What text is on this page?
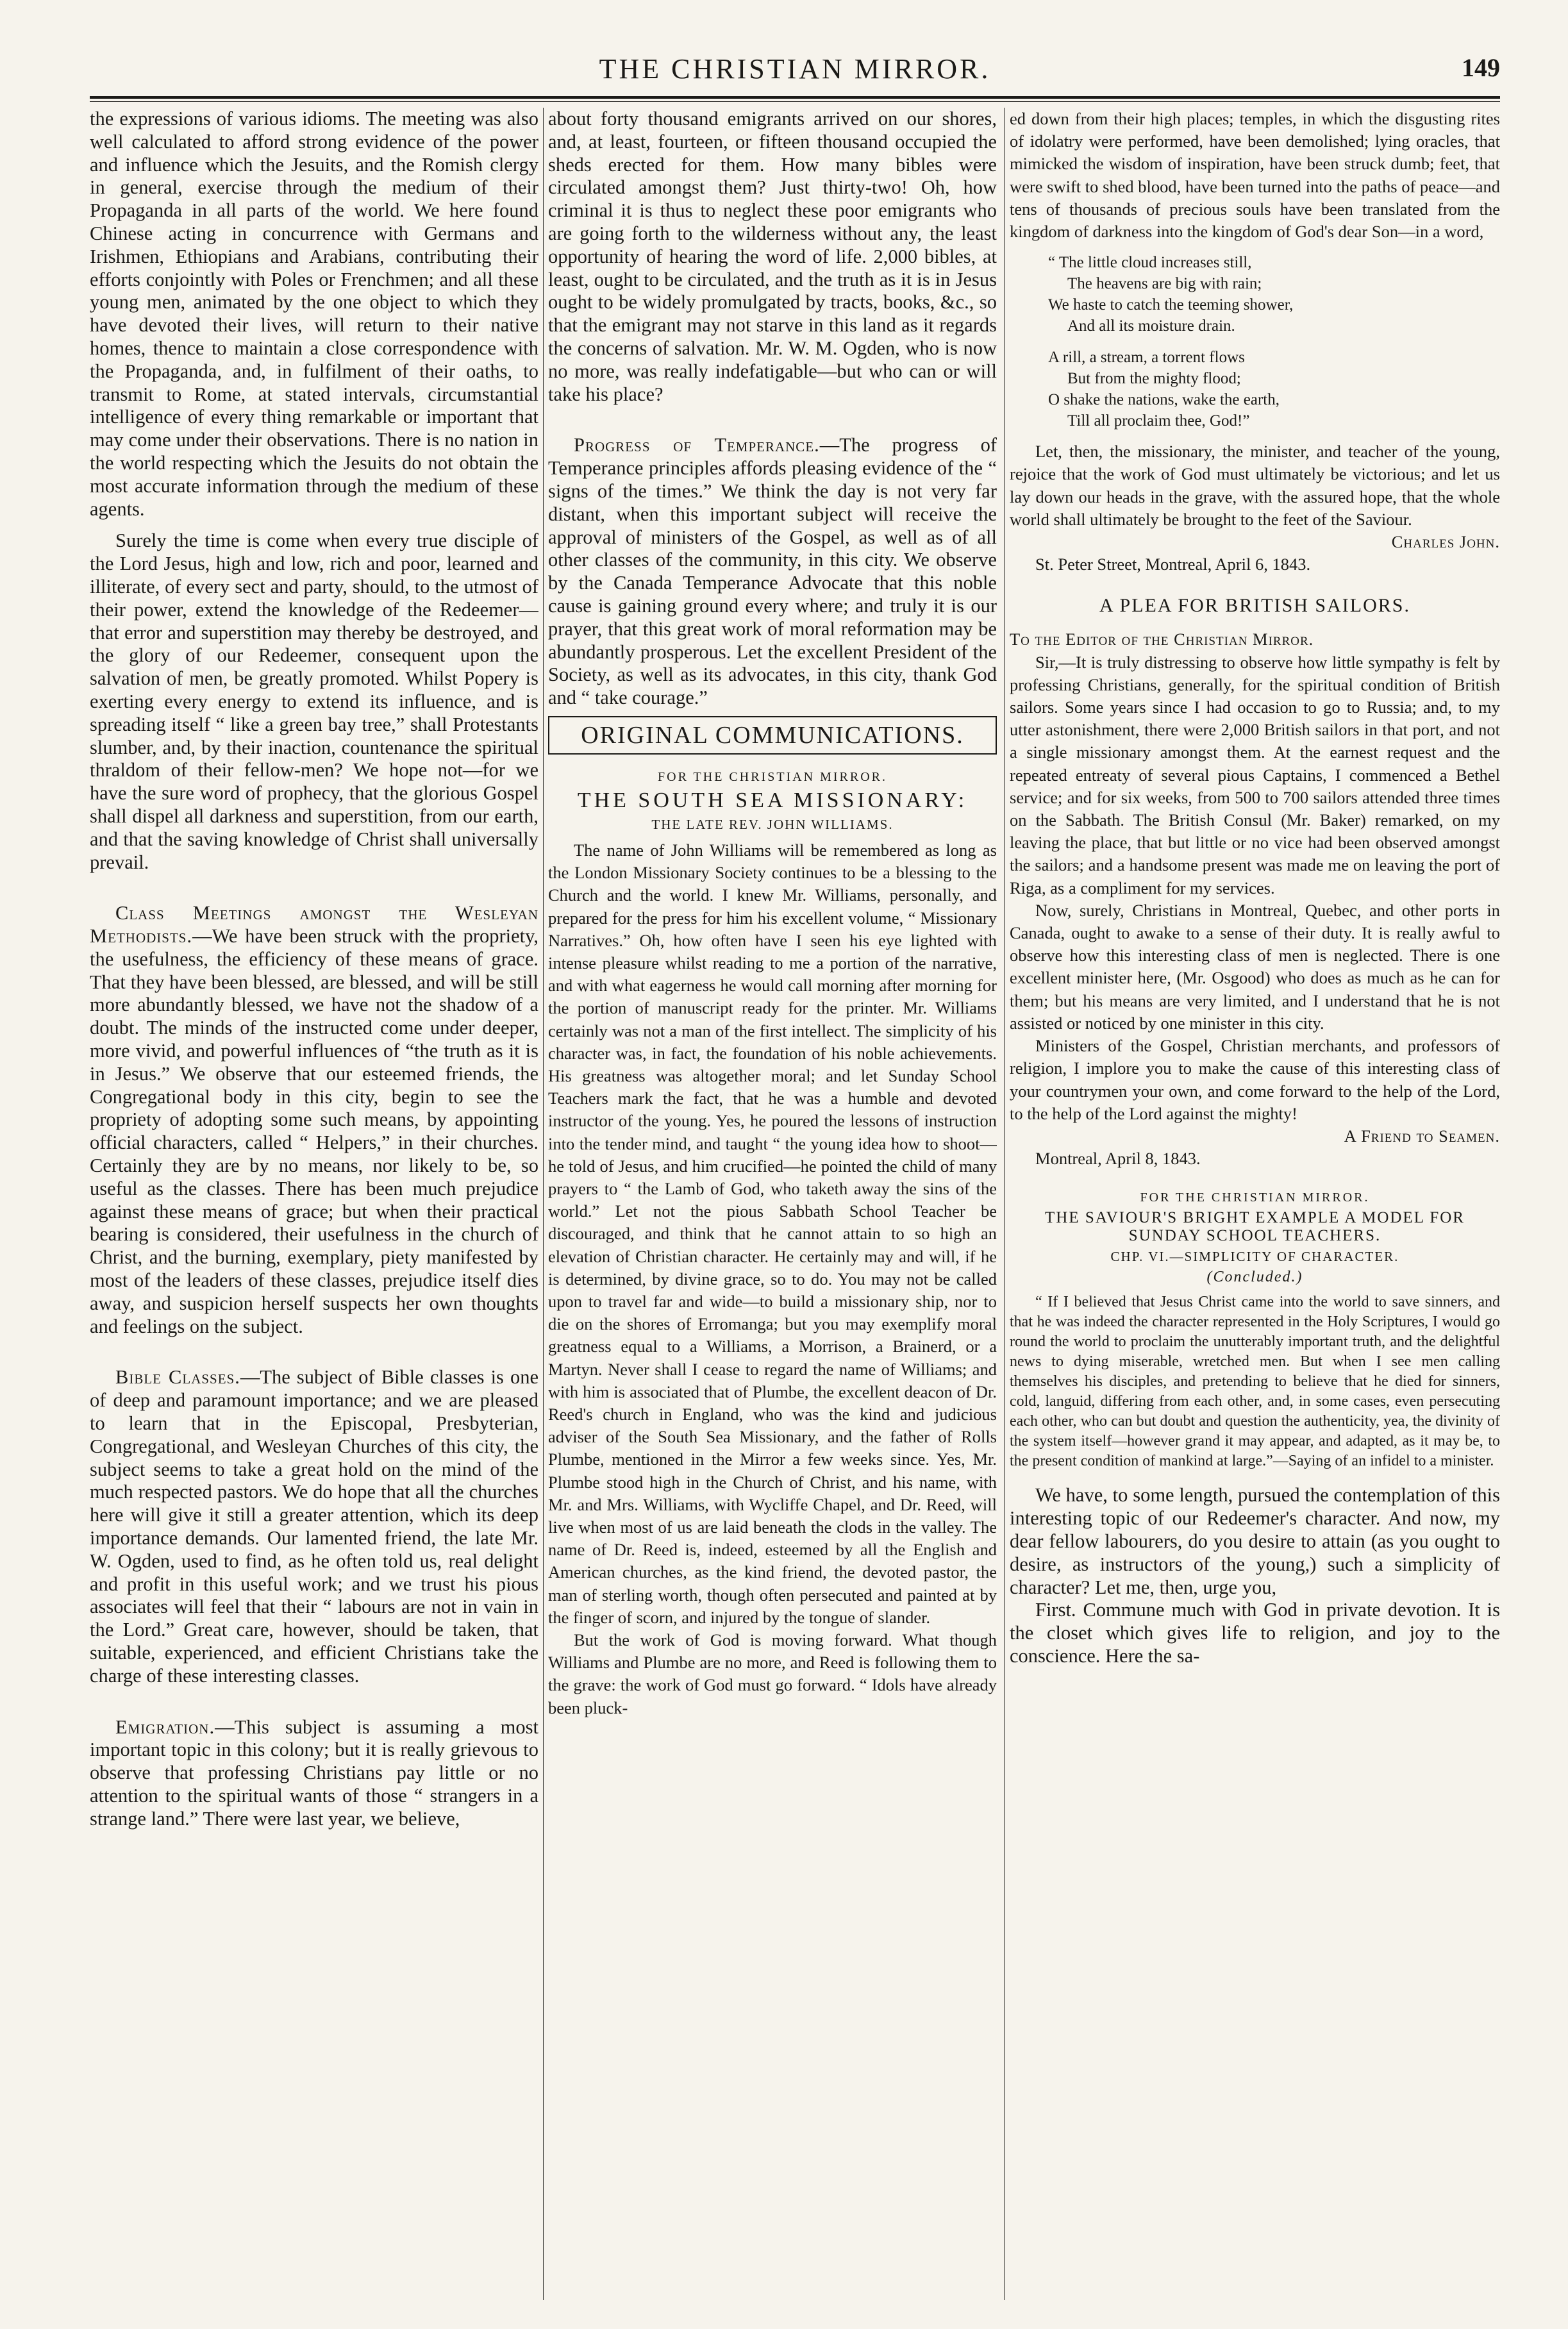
THE CHRISTIAN MIRROR.	149

the expressions of various idioms. The meeting was also well calculated to afford strong evidence of the power and influence which the Jesuits, and the Romish clergy in general, exercise through the medium of their Propaganda in all parts of the world. We here found Chinese acting in concurrence with Germans and Irishmen, Ethiopians and Arabians, contributing their efforts conjointly with Poles or Frenchmen; and all these young men, animated by the one object to which they have devoted their lives, will return to their native homes, thence to maintain a close correspondence with the Propaganda, and, in fulfilment of their oaths, to transmit to Rome, at stated intervals, circumstantial intelligence of every thing remarkable or important that may come under their observations. There is no nation in the world respecting which the Jesuits do not obtain the most accurate information through the medium of these agents.

Surely the time is come when every true disciple of the Lord Jesus, high and low, rich and poor, learned and illiterate, of every sect and party, should, to the utmost of their power, extend the knowledge of the Redeemer—that error and superstition may thereby be destroyed, and the glory of our Redeemer, consequent upon the salvation of men, be greatly promoted. Whilst Popery is exerting every energy to extend its influence, and is spreading itself “ like a green bay tree,” shall Protestants slumber, and, by their inaction, countenance the spiritual thraldom of their fellow-men? We hope not—for we have the sure word of prophecy, that the glorious Gospel shall dispel all darkness and superstition, from our earth, and that the saving knowledge of Christ shall universally prevail.

Class Meetings amongst the Wesleyan Methodists.—We have been struck with the propriety, the usefulness, the efficiency of these means of grace. That they have been blessed, are blessed, and will be still more abundantly blessed, we have not the shadow of a doubt. The minds of the instructed come under deeper, more vivid, and powerful influences of “the truth as it is in Jesus.” We observe that our esteemed friends, the Congregational body in this city, begin to see the propriety of adopting some such means, by appointing official characters, called “ Helpers,” in their churches. Certainly they are by no means, nor likely to be, so useful as the classes. There has been much prejudice against these means of grace; but when their practical bearing is considered, their usefulness in the church of Christ, and the burning, exemplary, piety manifested by most of the leaders of these classes, prejudice itself dies away, and suspicion herself suspects her own thoughts and feelings on the subject.

Bible Classes.—The subject of Bible classes is one of deep and paramount importance; and we are pleased to learn that in the Episcopal, Presbyterian, Congregational, and Wesleyan Churches of this city, the subject seems to take a great hold on the mind of the much respected pastors. We do hope that all the churches here will give it still a greater attention, which its deep importance demands. Our lamented friend, the late Mr. W. Ogden, used to find, as he often told us, real delight and profit in this useful work; and we trust his pious associates will feel that their “ labours are not in vain in the Lord.” Great care, however, should be taken, that suitable, experienced, and efficient Christians take the charge of these interesting classes.

Emigration.—This subject is assuming a most important topic in this colony; but it is really grievous to observe that professing Christians pay little or no attention to the spiritual wants of those “ strangers in a strange land.” There were last year, we believe,

about forty thousand emigrants arrived on our shores, and, at least, fourteen, or fifteen thousand occupied the sheds erected for them. How many bibles were circulated amongst them? Just thirty-two! Oh, how criminal it is thus to neglect these poor emigrants who are going forth to the wilderness without any, the least opportunity of hearing the word of life. 2,000 bibles, at least, ought to be circulated, and the truth as it is in Jesus ought to be widely promulgated by tracts, books, &c., so that the emigrant may not starve in this land as it regards the concerns of salvation. Mr. W. M. Ogden, who is now no more, was really indefatigable—but who can or will take his place?

Progress of Temperance.—The progress of Temperance principles affords pleasing evidence of the “ signs of the times.” We think the day is not very far distant, when this important subject will receive the approval of ministers of the Gospel, as well as of all other classes of the community, in this city. We observe by the Canada Temperance Advocate that this noble cause is gaining ground every where; and truly it is our prayer, that this great work of moral reformation may be abundantly prosperous. Let the excellent President of the Society, as well as its advocates, in this city, thank God and “ take courage.”

ORIGINAL COMMUNICATIONS.
FOR THE CHRISTIAN MIRROR.
THE SOUTH SEA MISSIONARY:
THE LATE REV. JOHN WILLIAMS.

The name of John Williams will be remembered as long as the London Missionary Society continues to be a blessing to the Church and the world. I knew Mr. Williams, personally, and prepared for the press for him his excellent volume, “ Missionary Narratives.” Oh, how often have I seen his eye lighted with intense pleasure whilst reading to me a portion of the narrative, and with what eagerness he would call morning after morning for the portion of manuscript ready for the printer. Mr. Williams certainly was not a man of the first intellect. The simplicity of his character was, in fact, the foundation of his noble achievements. His greatness was altogether moral; and let Sunday School Teachers mark the fact, that he was a humble and devoted instructor of the young. Yes, he poured the lessons of instruction into the tender mind, and taught “ the young idea how to shoot—he told of Jesus, and him crucified—he pointed the child of many prayers to “ the Lamb of God, who taketh away the sins of the world.” Let not the pious Sabbath School Teacher be discouraged, and think that he cannot attain to so high an elevation of Christian character. He certainly may and will, if he is determined, by divine grace, so to do. You may not be called upon to travel far and wide—to build a missionary ship, nor to die on the shores of Erromanga; but you may exemplify moral greatness equal to a Williams, a Morrison, a Brainerd, or a Martyn. Never shall I cease to regard the name of Williams; and with him is associated that of Plumbe, the excellent deacon of Dr. Reed's church in England, who was the kind and judicious adviser of the South Sea Missionary, and the father of Rolls Plumbe, mentioned in the Mirror a few weeks since. Yes, Mr. Plumbe stood high in the Church of Christ, and his name, with Mr. and Mrs. Williams, with Wycliffe Chapel, and Dr. Reed, will live when most of us are laid beneath the clods in the valley. The name of Dr. Reed is, indeed, esteemed by all the English and American churches, as the kind friend, the devoted pastor, the man of sterling worth, though often persecuted and painted at by the finger of scorn, and injured by the tongue of slander.

But the work of God is moving forward. What though Williams and Plumbe are no more, and Reed is following them to the grave: the work of God must go forward. “ Idols have already been pluck-

ed down from their high places; temples, in which the disgusting rites of idolatry were performed, have been demolished; lying oracles, that mimicked the wisdom of inspiration, have been struck dumb; feet, that were swift to shed blood, have been turned into the paths of peace—and tens of thousands of precious souls have been translated from the kingdom of darkness into the kingdom of God's dear Son—in a word,

“ The little cloud increases still,
The heavens are big with rain;
We haste to catch the teeming shower,
And all its moisture drain.
A rill, a stream, a torrent flows
But from the mighty flood;
O shake the nations, wake the earth,
Till all proclaim thee, God!”

Let, then, the missionary, the minister, and teacher of the young, rejoice that the work of God must ultimately be victorious; and let us lay down our heads in the grave, with the assured hope, that the whole world shall ultimately be brought to the feet of the Saviour.

Charles John.
St. Peter Street, Montreal, April 6, 1843.
A PLEA FOR BRITISH SAILORS.
To the Editor of the Christian Mirror.

Sir,—It is truly distressing to observe how little sympathy is felt by professing Christians, generally, for the spiritual condition of British sailors. Some years since I had occasion to go to Russia; and, to my utter astonishment, there were 2,000 British sailors in that port, and not a single missionary amongst them. At the earnest request and the repeated entreaty of several pious Captains, I commenced a Bethel service; and for six weeks, from 500 to 700 sailors attended three times on the Sabbath. The British Consul (Mr. Baker) remarked, on my leaving the place, that but little or no vice had been observed amongst the sailors; and a handsome present was made me on leaving the port of Riga, as a compliment for my services.

Now, surely, Christians in Montreal, Quebec, and other ports in Canada, ought to awake to a sense of their duty. It is really awful to observe how this interesting class of men is neglected. There is one excellent minister here, (Mr. Osgood) who does as much as he can for them; but his means are very limited, and I understand that he is not assisted or noticed by one minister in this city.

Ministers of the Gospel, Christian merchants, and professors of religion, I implore you to make the cause of this interesting class of your countrymen your own, and come forward to the help of the Lord, to the help of the Lord against the mighty!

A Friend to Seamen.
Montreal, April 8, 1843.
FOR THE CHRISTIAN MIRROR.
THE SAVIOUR'S BRIGHT EXAMPLE A MODEL FOR SUNDAY SCHOOL TEACHERS.
CHP. VI.—SIMPLICITY OF CHARACTER.
(Concluded.)

“ If I believed that Jesus Christ came into the world to save sinners, and that he was indeed the character represented in the Holy Scriptures, I would go round the world to proclaim the unutterably important truth, and the delightful news to dying miserable, wretched men. But when I see men calling themselves his disciples, and pretending to believe that he died for sinners, cold, languid, differing from each other, and, in some cases, even persecuting each other, who can but doubt and question the authenticity, yea, the divinity of the system itself—however grand it may appear, and adapted, as it may be, to the present condition of mankind at large.”—Saying of an infidel to a minister.

We have, to some length, pursued the contemplation of this interesting topic of our Redeemer's character. And now, my dear fellow labourers, do you desire to attain (as you ought to desire, as instructors of the young,) such a simplicity of character? Let me, then, urge you,

First. Commune much with God in private devotion. It is the closet which gives life to religion, and joy to the conscience. Here the sa-
